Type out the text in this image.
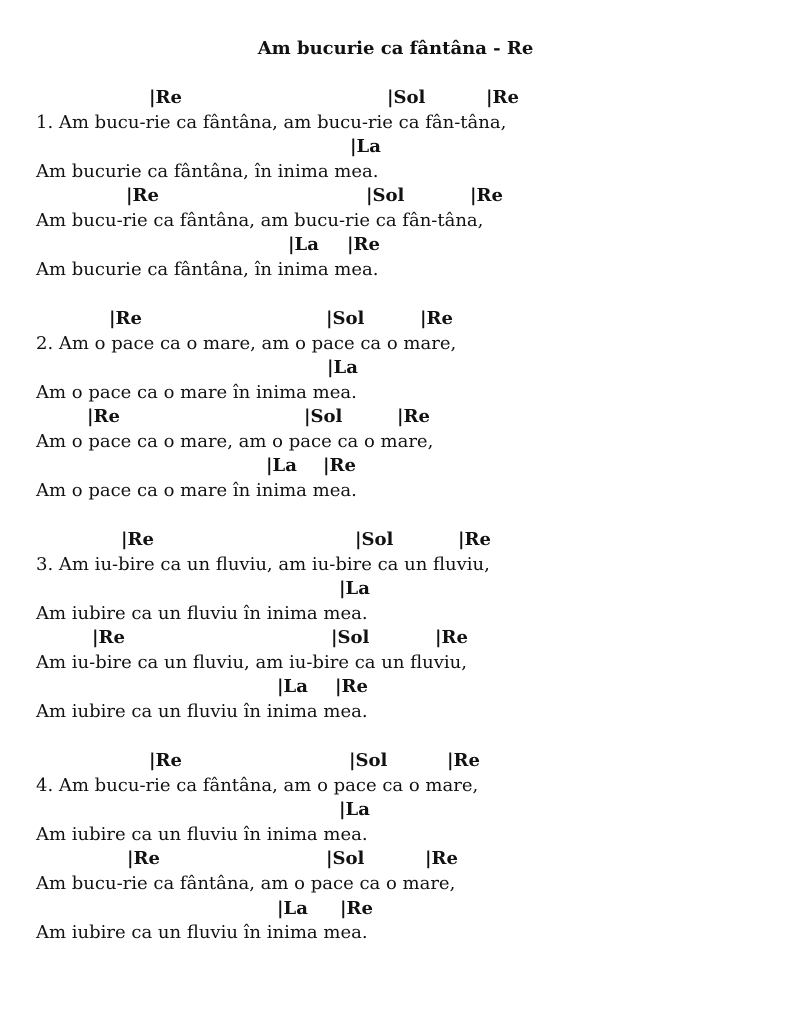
Am bucurie ca fântâna - Re
|Re	|Sol	|Re
1. Am bucu-rie ca fântâna, am bucu-rie ca fân-tâna,
|La
Am bucurie ca fântâna, în inima mea.
|Re	|Sol	|Re
Am bucu-rie ca fântâna, am bucu-rie ca fân-tâna,
|La |Re
Am bucurie ca fântâna, în inima mea.
|Re	|Sol	|Re
2. Am o pace ca o mare, am o pace ca o mare,
|La
Am o pace ca o mare în inima mea.
|Re	|Sol	|Re
Am o pace ca o mare, am o pace ca o mare,
|La |Re
Am o pace ca o mare în inima mea.
|Re	|Sol	|Re
3. Am iu-bire ca un fluviu, am iu-bire ca un fluviu,
|La
Am iubire ca un fluviu în inima mea.
|Re	|Sol	|Re
Am iu-bire ca un fluviu, am iu-bire ca un fluviu,
|La |Re
Am iubire ca un fluviu în inima mea.
|Re	|Sol	|Re
4. Am bucu-rie ca fântâna, am o pace ca o mare,
|La
Am iubire ca un fluviu în inima mea.
|Re	|Sol	|Re
Am bucu-rie ca fântâna, am o pace ca o mare,
|La |Re
Am iubire ca un fluviu în inima mea.
